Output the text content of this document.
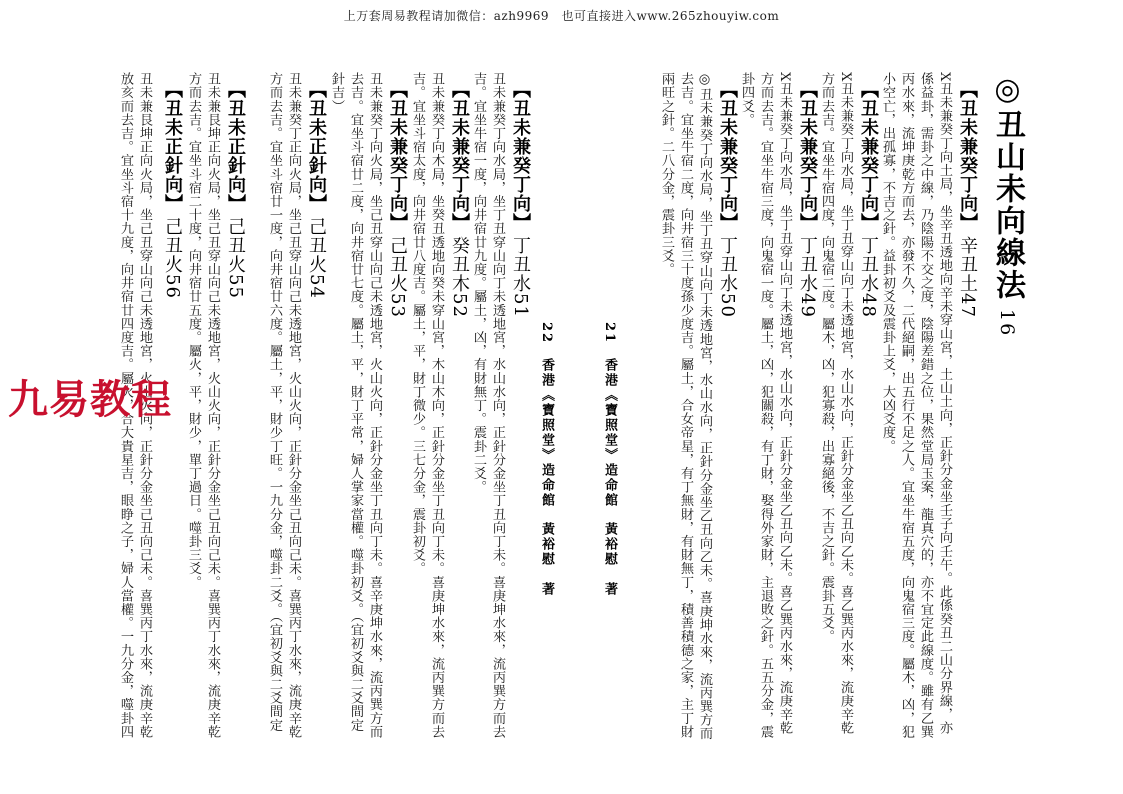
上万套周易教程请加微信：azh9969　也可直接进入www.265zhouyiw.com
◎丑山未向線法16
【丑未兼癸丁向】辛丑土47
X丑未兼癸丁向土局，坐辛丑透地向辛未穿山宮，土山土向，正針分金坐壬子向壬午。此係癸丑二山分界線，亦
係益卦，需卦之中線，乃陰陽不交之度，陰陽差錯之位，果然堂局玉案，龍真穴的，亦不宜定此線度。雖有乙巽
丙水來，流坤庚乾方而去，亦發不久，二代絕嗣，出五行不足之人。宜坐牛宿五度，向鬼宿三度。屬木，凶，犯
小空亡，出孤寡，不吉之針。益卦初爻及震卦上爻，大凶爻度。
【丑未兼癸丁向】丁丑水48
X丑未兼癸丁向水局，坐丁丑穿山向丁未透地宮，水山水向，正針分金坐乙丑向乙未。喜乙巽丙水來，流庚辛乾
方而去吉。宜坐牛宿四度，向鬼宿二度。屬木，凶，犯寡殺，出寡絕後，不吉之針。震卦五爻。
【丑未兼癸丁向】丁丑水49
X丑未兼癸丁向水局，坐丁丑穿山向丁未透地宮，水山水向，正針分金坐乙丑向乙未。喜乙巽丙水來，流庚辛乾
方而去吉。宜坐牛宿三度，向鬼宿一度。屬土，凶，犯關殺，有丁財，娶得外家財，主退敗之針。五五分金，震
卦四爻。
【丑未兼癸丁向】丁丑水50
◎丑未兼癸丁向水局，坐丁丑穿山向丁未透地宮，水山水向，正針分金坐乙丑向乙未。喜庚坤水來，流丙巽方而
去吉。宜坐牛宿二度，向井宿三十度孫少度吉。屬土，合女帝星，有丁無財，有財無丁，積善積德之家，主丁財
兩旺之針。二八分金，震卦三爻。
21香港《寶照堂》造命館黃裕慰　著
22香港《寶照堂》造命館黃裕慰　著
【丑未兼癸丁向】丁丑水51
丑未兼癸丁向水局，坐丁丑穿山向丁未透地宮，水山水向，正針分金坐丁丑向丁未。喜庚坤水來，流丙巽方而去
吉。宜坐牛宿一度，向井宿廿九度。屬土，凶，有財無丁。震卦二爻。
【丑未兼癸丁向】癸丑木52
丑未兼癸丁向木局，坐癸丑透地向癸未穿山宮，木山木向，正針分金坐丁丑向丁未。喜庚坤水來，流丙巽方而去
吉。宜坐斗宿太度，向井宿廿八度吉。屬土，平，財丁微少。三七分金，震卦初爻。
【丑未兼癸丁向】己丑火53
丑未兼癸丁向火局，坐己丑穿山向己未透地宮，火山火向，正針分金坐丁丑向丁未。喜辛庚坤水來，流丙巽方而
去吉。宜坐斗宿廿二度，向井宿廿七度。屬土，平，財丁平常，婦人掌家當權。噬卦初爻。（宜初爻與二爻間定
針吉）
【丑未正針向】己丑火54
丑未兼癸丁正向火局，坐己丑穿山向己未透地宮，火山火向，正針分金坐己丑向己未。喜巽丙丁水來，流庚辛乾
方而去吉。宜坐斗宿廿一度，向井宿廿六度。屬土，平，財少丁旺。一九分金，噬卦二爻。（宜初爻與二爻間定
【丑未正針向】己丑火55
丑未兼艮坤正向火局，坐己丑穿山向己未透地宮，火山火向，正針分金坐己丑向己未。喜巽丙丁水來，流庚辛乾
方而去吉。宜坐斗宿二十度，向井宿廿五度。屬火，平，財少，單丁過日。噬卦三爻。
【丑未正針向】己丑火56
丑未兼艮坤正向火局，坐己丑穿山向己未透地宮，火山火向，正針分金坐己丑向己未。喜巽丙丁水來，流庚辛乾
放亥而去吉。宜坐斗宿十九度，向井宿廿四度吉。屬火，合大貴星吉，眼睁之子，婦人當權。一九分金，噬卦四
九易教程
